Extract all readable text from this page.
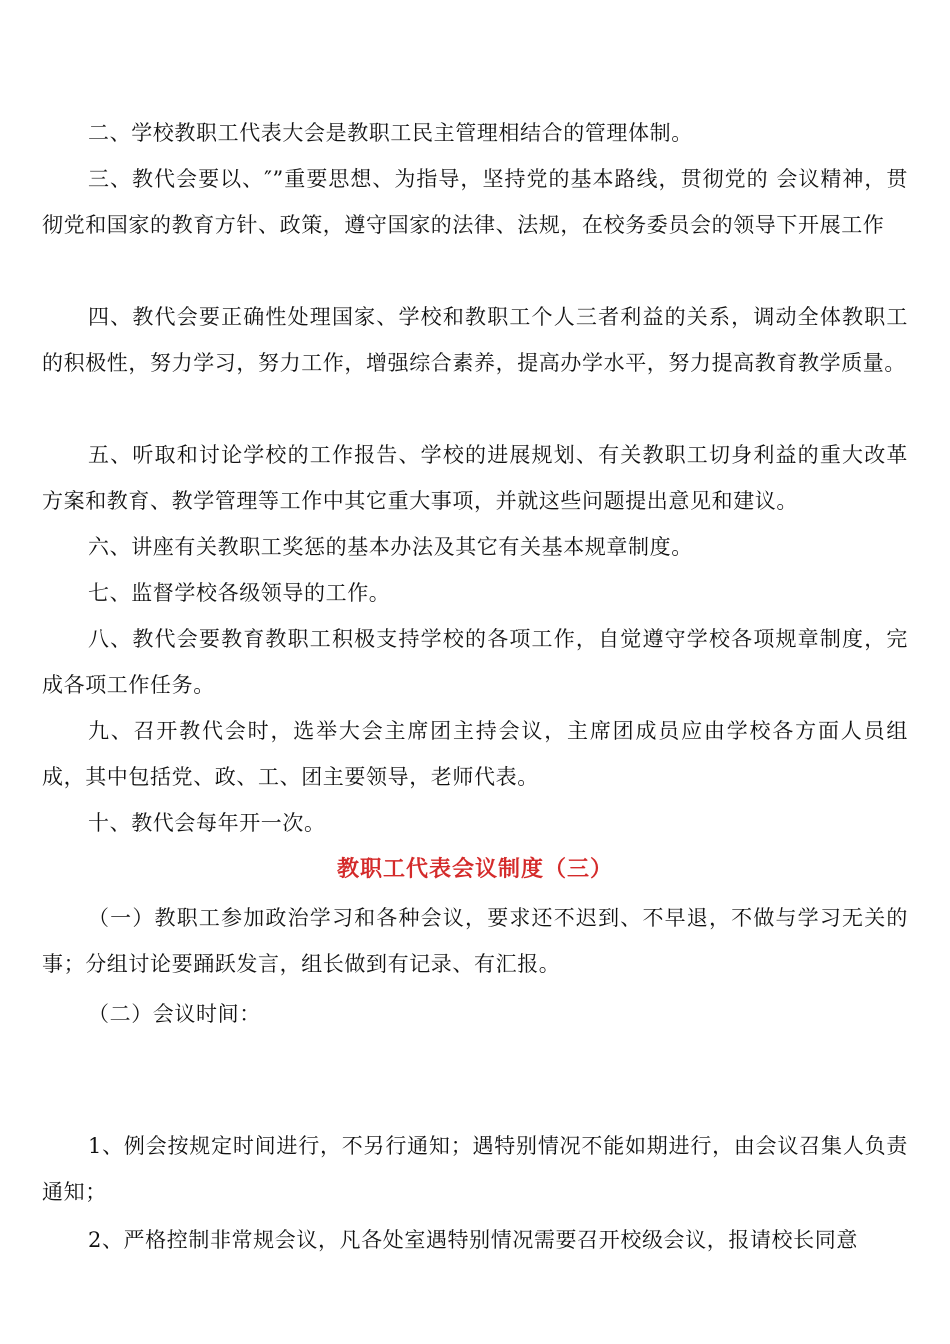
二、学校教职工代表大会是教职工民主管理相结合的管理体制。

三、教代会要以、″”重要思想、为指导，坚持党的基本路线，贯彻党的 会议精神，贯彻党和国家的教育方针、政策，遵守国家的法律、法规，在校务委员会的领导下开展工作

四、教代会要正确性处理国家、学校和教职工个人三者利益的关系，调动全体教职工的积极性，努力学习，努力工作，增强综合素养，提高办学水平，努力提高教育教学质量。

五、听取和讨论学校的工作报告、学校的进展规划、有关教职工切身利益的重大改革方案和教育、教学管理等工作中其它重大事项，并就这些问题提出意见和建议。

六、讲座有关教职工奖惩的基本办法及其它有关基本规章制度。

七、监督学校各级领导的工作。

八、教代会要教育教职工积极支持学校的各项工作，自觉遵守学校各项规章制度，完成各项工作任务。

九、召开教代会时，选举大会主席团主持会议，主席团成员应由学校各方面人员组成，其中包括党、政、工、团主要领导，老师代表。

十、教代会每年开一次。

教职工代表会议制度（三）

（一）教职工参加政治学习和各种会议，要求还不迟到、不早退，不做与学习无关的事；分组讨论要踊跃发言，组长做到有记录、有汇报。

（二）会议时间：

1、例会按规定时间进行，不另行通知；遇特别情况不能如期进行，由会议召集人负责通知；

2、严格控制非常规会议，凡各处室遇特别情况需要召开校级会议，报请校长同意
